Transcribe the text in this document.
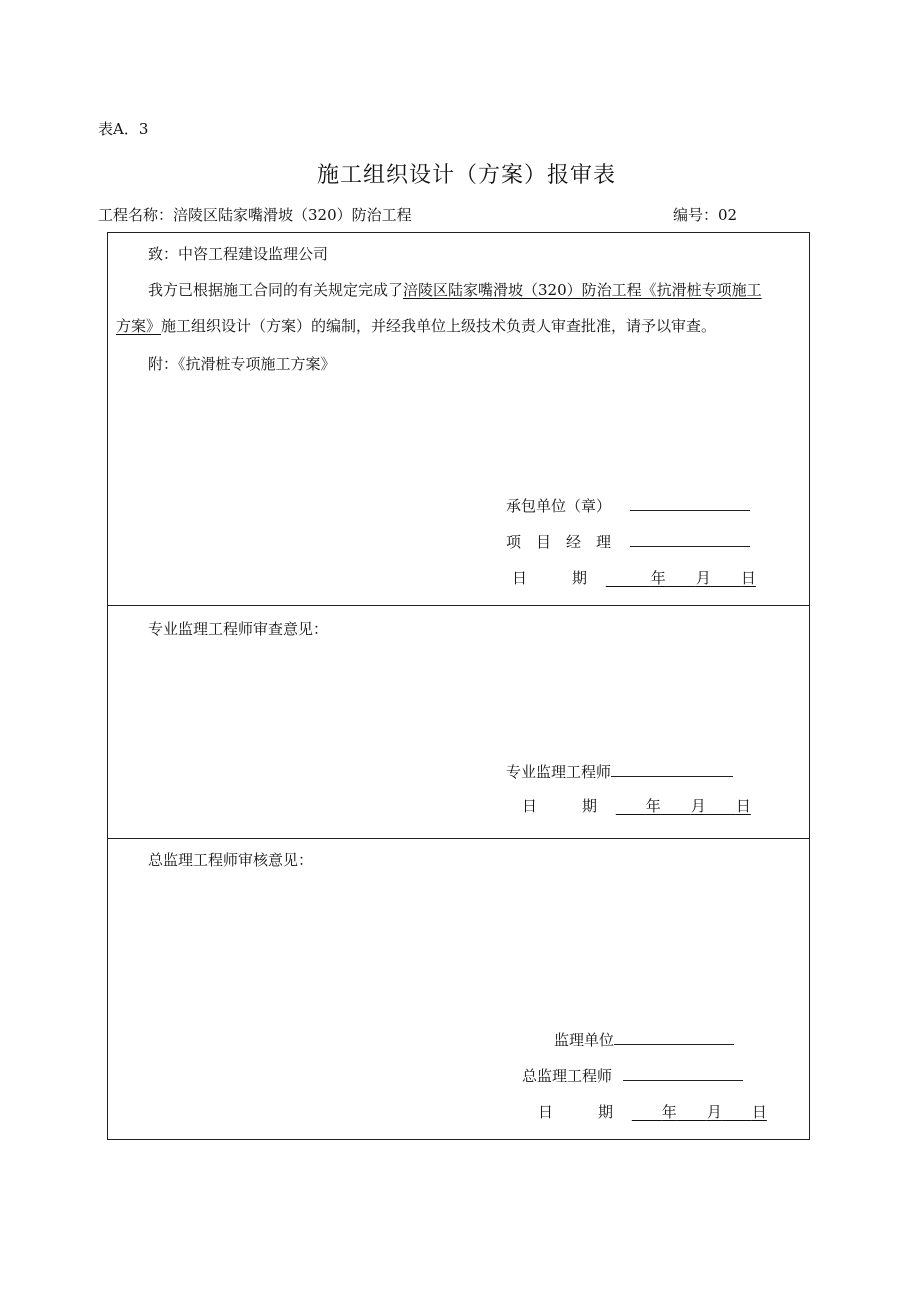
表A．3
施工组织设计（方案）报审表
工程名称：涪陵区陆家嘴滑坡（320）防治工程	编号：02
致：中咨工程建设监理公司
我方已根据施工合同的有关规定完成了涪陵区陆家嘴滑坡（320）防治工程《抗滑桩专项施工
方案》施工组织设计（方案）的编制，并经我单位上级技术负责人审查批准，请予以审查。
附：《抗滑桩专项施工方案》
承包单位（章）
项　目　经　理
日　　　期    	年   月   日
专业监理工程师审查意见：
专业监理工程师
日　　　期   	年   月   日
总监理工程师审核意见：
监理单位
总监理工程师
日　　　期   	年   月   日
